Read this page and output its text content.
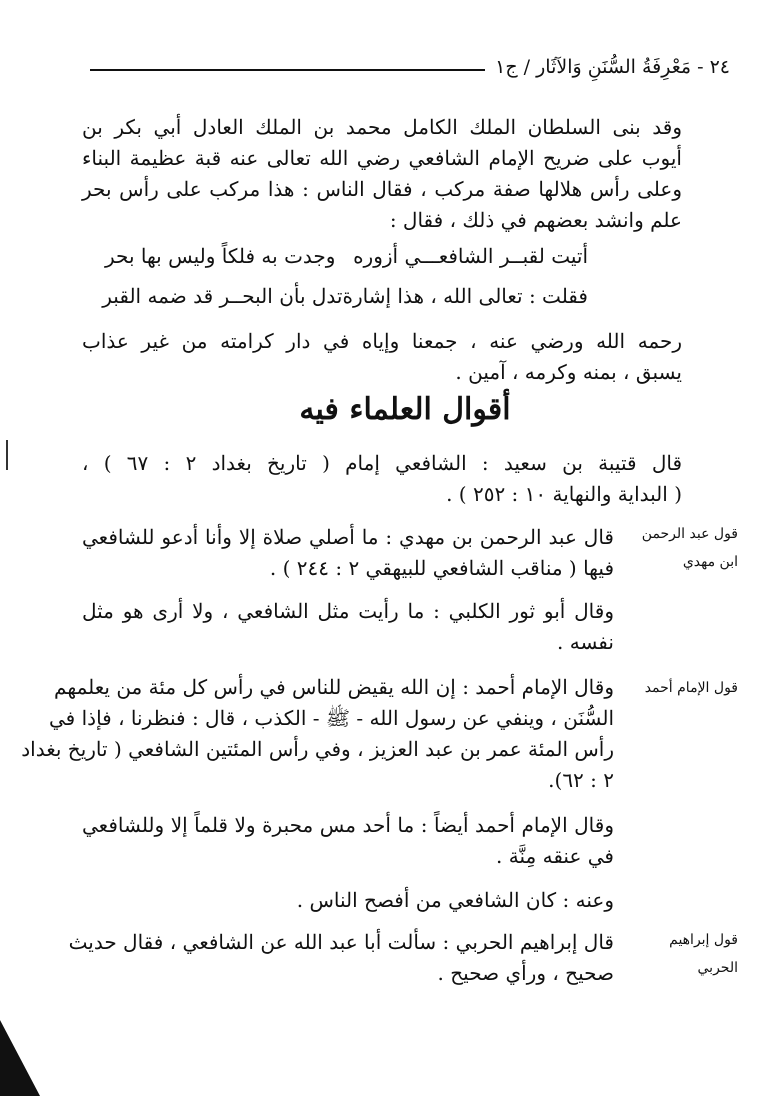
٢٤ - مَعْرِفَةُ السُّنَنِ وَالآثَار / ج١
وقد بنى السلطان الملك الكامل محمد بن الملك العادل أبي بكر بن
أيوب على ضريح الإمام الشافعي رضي الله تعالى عنه قبة عظيمة البناء
وعلى رأس هلالها صفة مركب ، فقال الناس : هذا مركب على رأس بحر
علم وانشد بعضهم في ذلك ، فقال :
أتيت لقبــر الشافعـــي أزوره
وجدت به فلكاً وليس بها بحر
فقلت : تعالى الله ، هذا إشارة
تدل بأن البحــر قد ضمه القبر
رحمه الله ورضي عنه ، جمعنا وإياه في دار كرامته من غير عذاب
يسبق ، بمنه وكرمه ، آمين .
أقوال العلماء فيه
قال قتيبة بن سعيد : الشافعي إمام ( تاريخ بغداد ٢ : ٦٧ ) ،
( البداية والنهاية ١٠ : ٢٥٢ ) .
قول عبد الرحمن
ابن مهدي
قال عبد الرحمن بن مهدي : ما أصلي صلاة إلا وأنا أدعو للشافعي
فيها ( مناقب الشافعي للبيهقي ٢ : ٢٤٤ ) .
وقال أبو ثور الكلبي : ما رأيت مثل الشافعي ، ولا أرى هو مثل
نفسه .
قول الإمام أحمد
وقال الإمام أحمد : إن الله يقيض للناس في رأس كل مئة من يعلمهم
السُّنَن ، وينفي عن رسول الله - ﷺ - الكذب ، قال : فنظرنا ، فإذا في
رأس المئة عمر بن عبد العزيز ، وفي رأس المئتين الشافعي ( تاريخ بغداد
٢ : ٦٢).
وقال الإمام أحمد أيضاً : ما أحد مس محبرة ولا قلماً إلا وللشافعي
في عنقه مِنَّة .
وعنه : كان الشافعي من أفصح الناس .
قول إبراهيم الحربي
قال إبراهيم الحربي : سألت أبا عبد الله عن الشافعي ، فقال حديث
صحيح ، ورأي صحيح .
